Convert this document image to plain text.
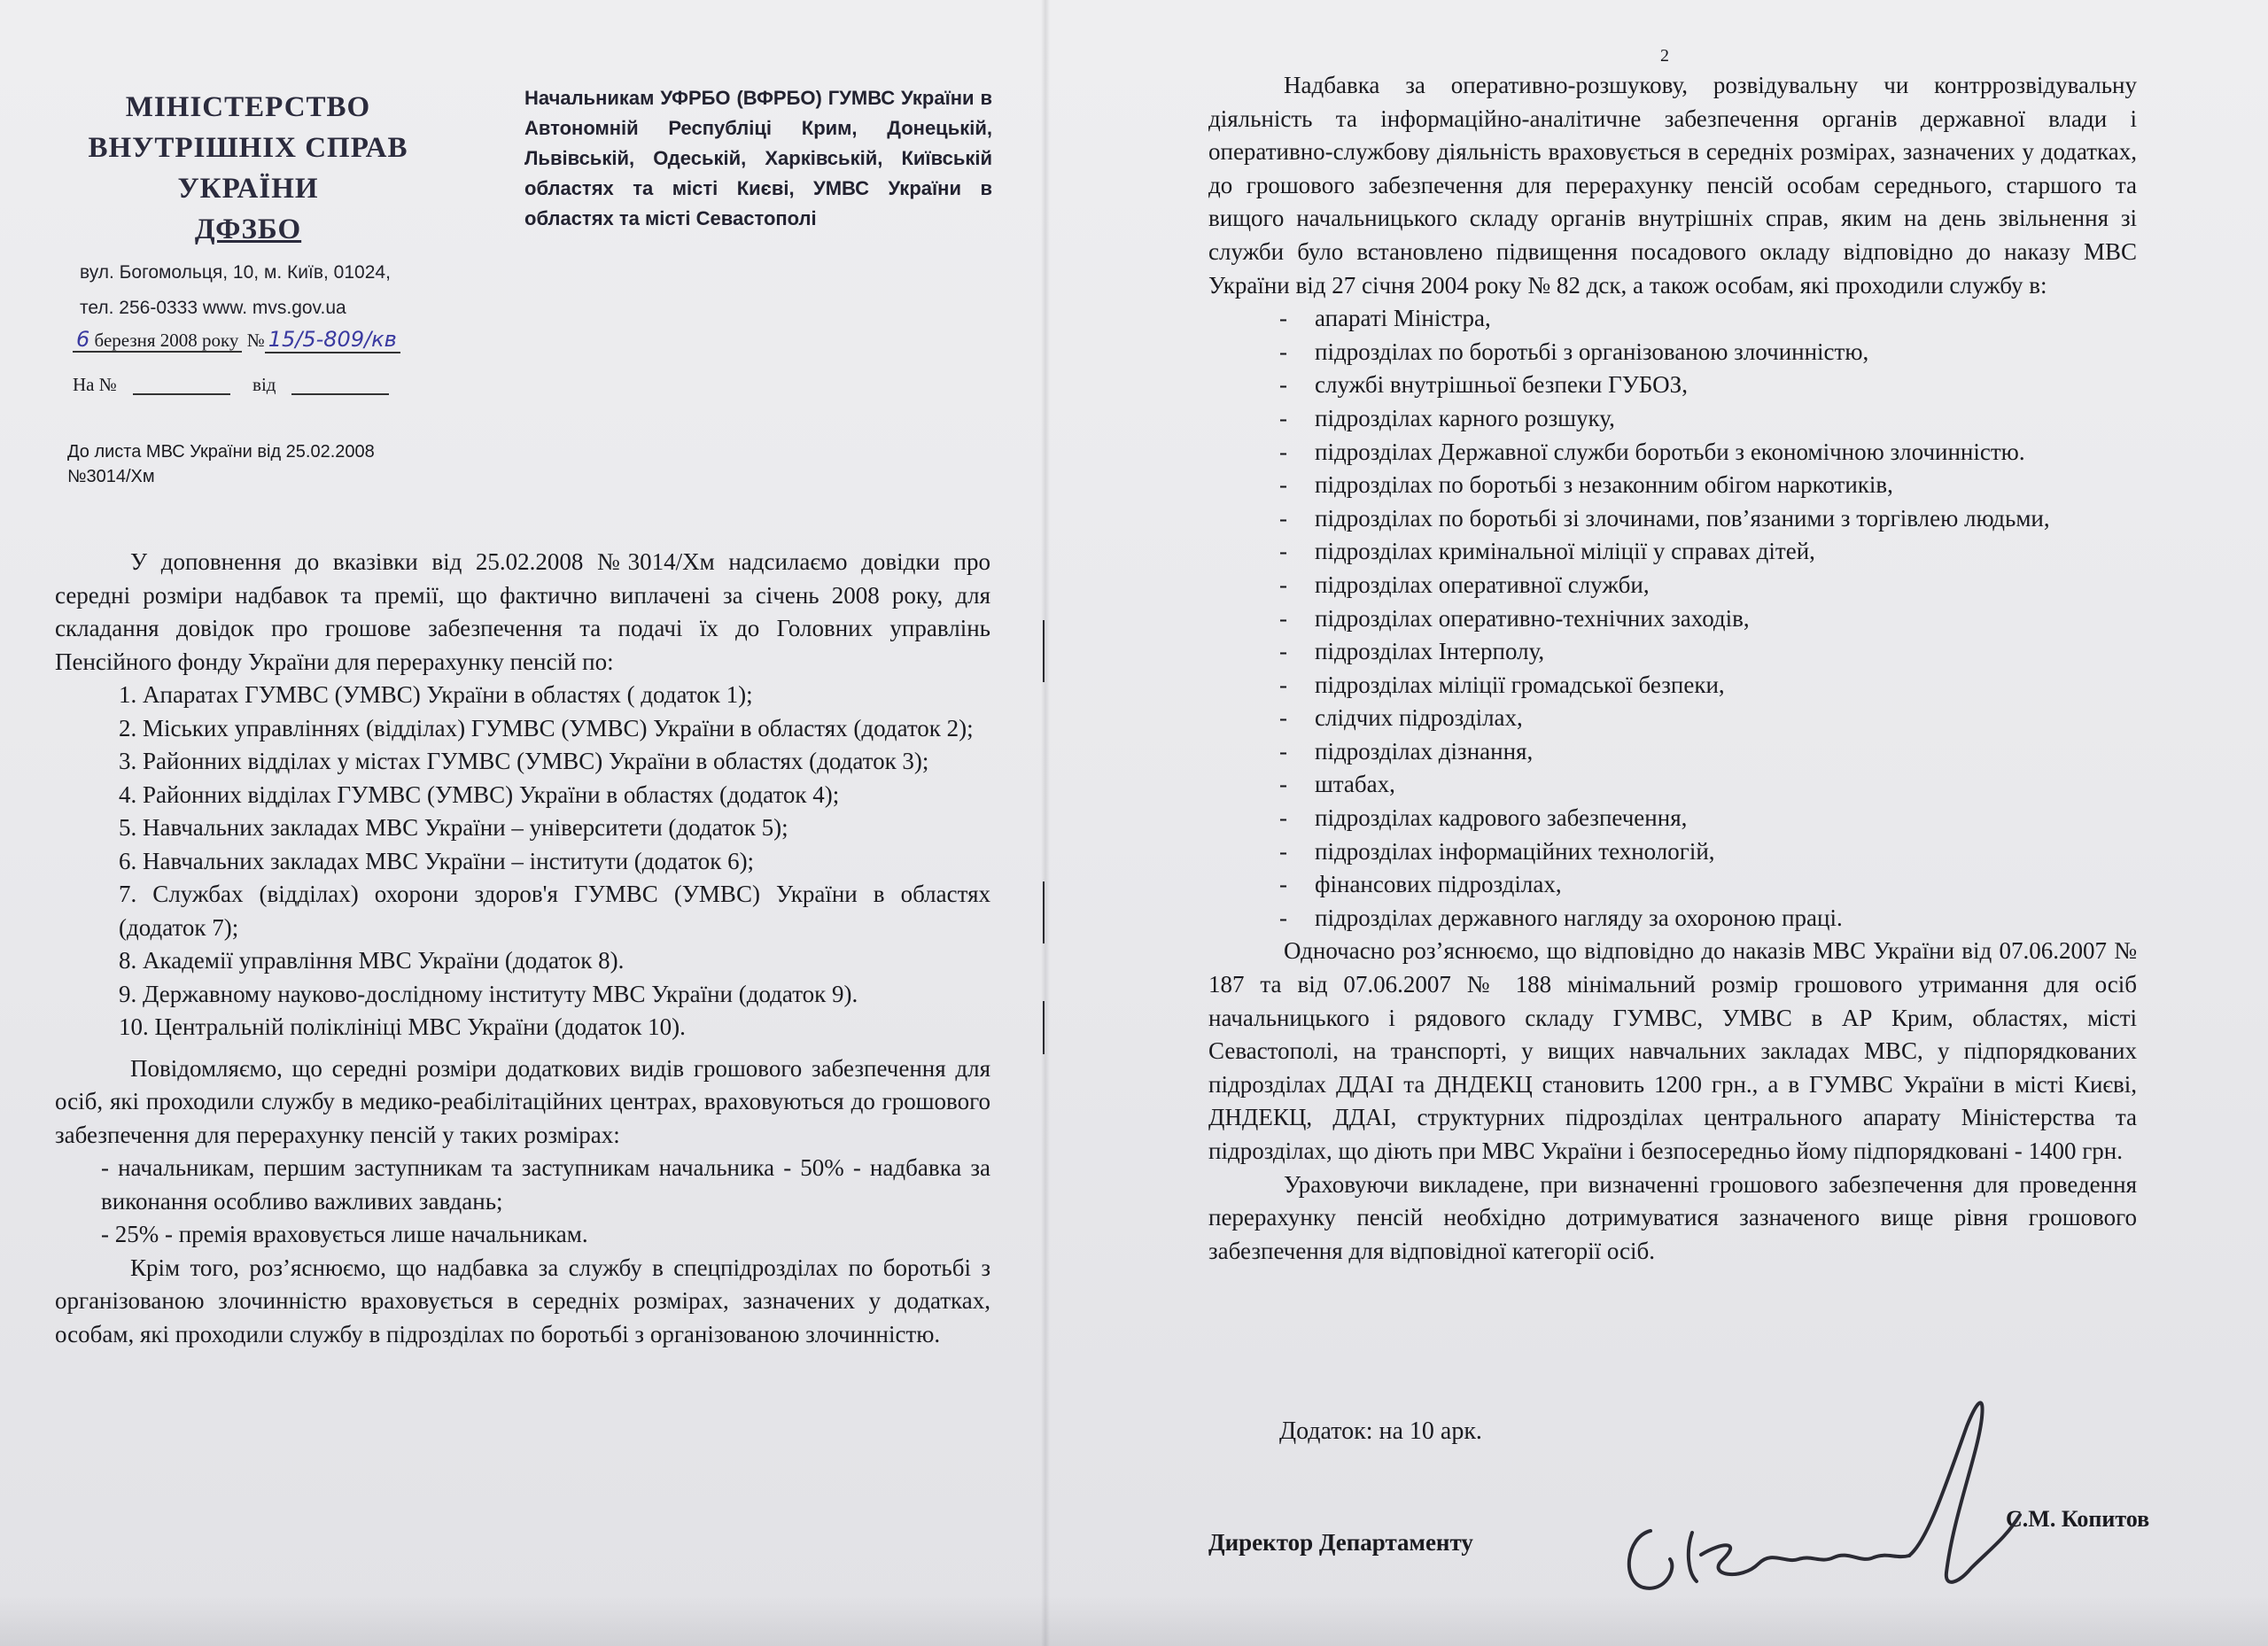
МІНІСТЕРСТВО
ВНУТРІШНІХ СПРАВ
УКРАЇНИ
ДФЗБО
вул. Богомольця, 10, м. Київ, 01024,
тел. 256-0333 www. mvs.gov.ua
6 березня 2008 року № 15/5-809/кв
На №	від
Начальникам УФРБО (ВФРБО) ГУМВС України в Автономній Республіці Крим, Донецькій, Львівській, Одеській, Харківській, Київській областях та місті Києві, УМВС України в областях та місті Севастополі
До листа МВС України від 25.02.2008
№3014/Хм

У доповнення до вказівки від 25.02.2008 №3014/Хм надсилаємо довідки про середні розміри надбавок та премії, що фактично виплачені за січень 2008 року, для складання довідок про грошове забезпечення та подачі їх до Головних управлінь Пенсійного фонду України для перерахунку пенсій по:

1. Апаратах ГУМВС (УМВС) України в областях ( додаток 1);

2. Міських управліннях (відділах) ГУМВС (УМВС) України в областях (додаток 2);

3. Районних відділах у містах ГУМВС (УМВС) України в областях (додаток 3);

4. Районних відділах ГУМВС (УМВС) України в областях (додаток 4);

5. Навчальних закладах МВС України – університети (додаток 5);

6. Навчальних закладах МВС України – інститути (додаток 6);

7. Службах (відділах) охорони здоров'я ГУМВС (УМВС) України в областях (додаток 7);

8. Академії управління МВС України (додаток 8).

9. Державному науково-дослідному інституту МВС України (додаток 9).

10. Центральній поліклініці МВС України (додаток 10).

Повідомляємо, що середні розміри додаткових видів грошового забезпечення для осіб, які проходили службу в медико-реабілітаційних центрах, враховуються до грошового забезпечення для перерахунку пенсій у таких розмірах:

- начальникам, першим заступникам та заступникам начальника - 50% - надбавка за виконання особливо важливих завдань;

- 25% - премія враховується лише начальникам.

Крім того, роз’яснюємо, що надбавка за службу в спецпідрозділах по боротьбі з організованою злочинністю враховується в середніх розмірах, зазначених у додатках, особам, які проходили службу в підрозділах по боротьбі з організованою злочинністю.

2

Надбавка за оперативно-розшукову, розвідувальну чи контррозвідувальну діяльність та інформаційно-аналітичне забезпечення органів державної влади і оперативно-службову діяльність враховується в середніх розмірах, зазначених у додатках, до грошового забезпечення для перерахунку пенсій особам середнього, старшого та вищого начальницького складу органів внутрішніх справ, яким на день звільнення зі служби було встановлено підвищення посадового окладу відповідно до наказу МВС України від 27 січня 2004 року № 82 дск, а також особам, які проходили службу в:

- апараті Міністра,
- підрозділах по боротьбі з організованою злочинністю,
- службі внутрішньої безпеки ГУБОЗ,
- підрозділах карного розшуку,
- підрозділах Державної служби боротьби з економічною злочинністю.
- підрозділах по боротьбі з незаконним обігом наркотиків,
- підрозділах по боротьбі зі злочинами, пов’язаними з торгівлею людьми,
- підрозділах кримінальної міліції у справах дітей,
- підрозділах оперативної служби,
- підрозділах оперативно-технічних заходів,
- підрозділах Інтерполу,
- підрозділах міліції громадської безпеки,
- слідчих підрозділах,
- підрозділах дізнання,
- штабах,
- підрозділах кадрового забезпечення,
- підрозділах інформаційних технологій,
- фінансових підрозділах,
- підрозділах державного нагляду за охороною праці.

Одночасно роз’яснюємо, що відповідно до наказів МВС України від 07.06.2007 № 187 та від 07.06.2007 № 188 мінімальний розмір грошового утримання для осіб начальницького і рядового складу ГУМВС, УМВС в АР Крим, областях, місті Севастополі, на транспорті, у вищих навчальних закладах МВС, у підпорядкованих підрозділах ДДАІ та ДНДЕКЦ становить 1200 грн., а в ГУМВС України в місті Києві, ДНДЕКЦ, ДДАІ, структурних підрозділах центрального апарату Міністерства та підрозділах, що діють при МВС України і безпосередньо йому підпорядковані - 1400 грн.

Ураховуючи викладене, при визначенні грошового забезпечення для проведення перерахунку пенсій необхідно дотримуватися зазначеного вище рівня грошового забезпечення для відповідної категорії осіб.

Додаток: на 10 арк.
Директор Департаменту
С.М. Копитов
